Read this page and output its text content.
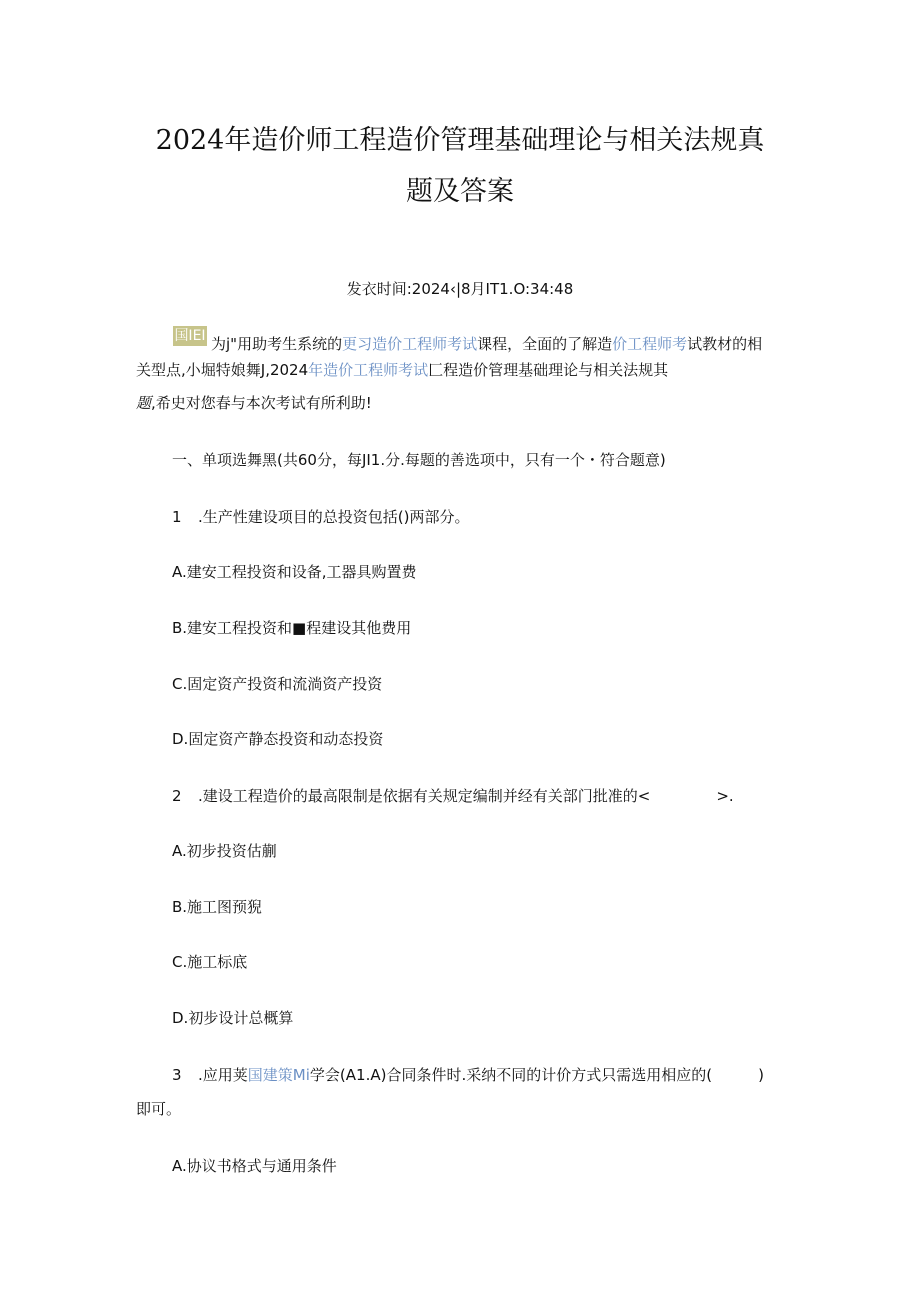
2024年造价师工程造价管理基础理论与相关法规真
题及答案
发衣时间:2024‹|8月IT1.O:34:48
国IEI 为j"用助考生系统的更习造价工程师考试课程，全面的了解造价工程师考试教材的相
关型点,小堀特娘舞J,2024年造价工程师考试匚程造价管理基础理论与相关法规其
题,希史对您春与本次考试有所利助!
一、单项选舞黑(共60分，每JI1.分.每题的善选项中，只有一个・符合题意)
1 .生产性建设项目的总投资包括()两部分。
A.建安工程投资和设备,工器具购置费
B.建安工程投资和■程建设其他费用
C.固定资产投资和流淌资产投资
D.固定资产静态投资和动态投资
2 .建设工程造价的最高限制是依据有关规定编制并经有关部门批准的<	>.
A.初步投资估蒯
B.施工图预猊
C.施工标底
D.初步设计总概算
3 .应用荚国建策Mi学会(A1.A)合同条件时.采纳不同的计价方式只需选用相应的(	)
即可。
A.协议书格式与通用条件
